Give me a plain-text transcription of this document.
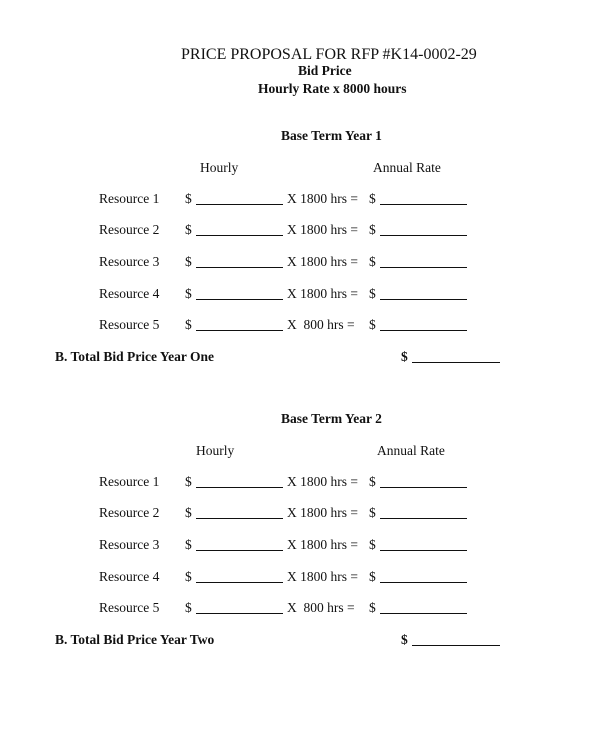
PRICE PROPOSAL FOR RFP #K14-0002-29
Bid Price
Hourly Rate x 8000 hours
Base Term Year 1
Hourly	Annual Rate
Resource 1 $	X 1800 hrs = $
Resource 2 $	X 1800 hrs = $
Resource 3 $	X 1800 hrs = $
Resource 4 $	X 1800 hrs = $
Resource 5 $	X  800 hrs = $
B. Total Bid Price Year One	$
Base Term Year 2
Hourly	Annual Rate
Resource 1 $	X 1800 hrs = $
Resource 2 $	X 1800 hrs = $
Resource 3 $	X 1800 hrs = $
Resource 4 $	X 1800 hrs = $
Resource 5 $	X  800 hrs = $
B. Total Bid Price Year Two	$
